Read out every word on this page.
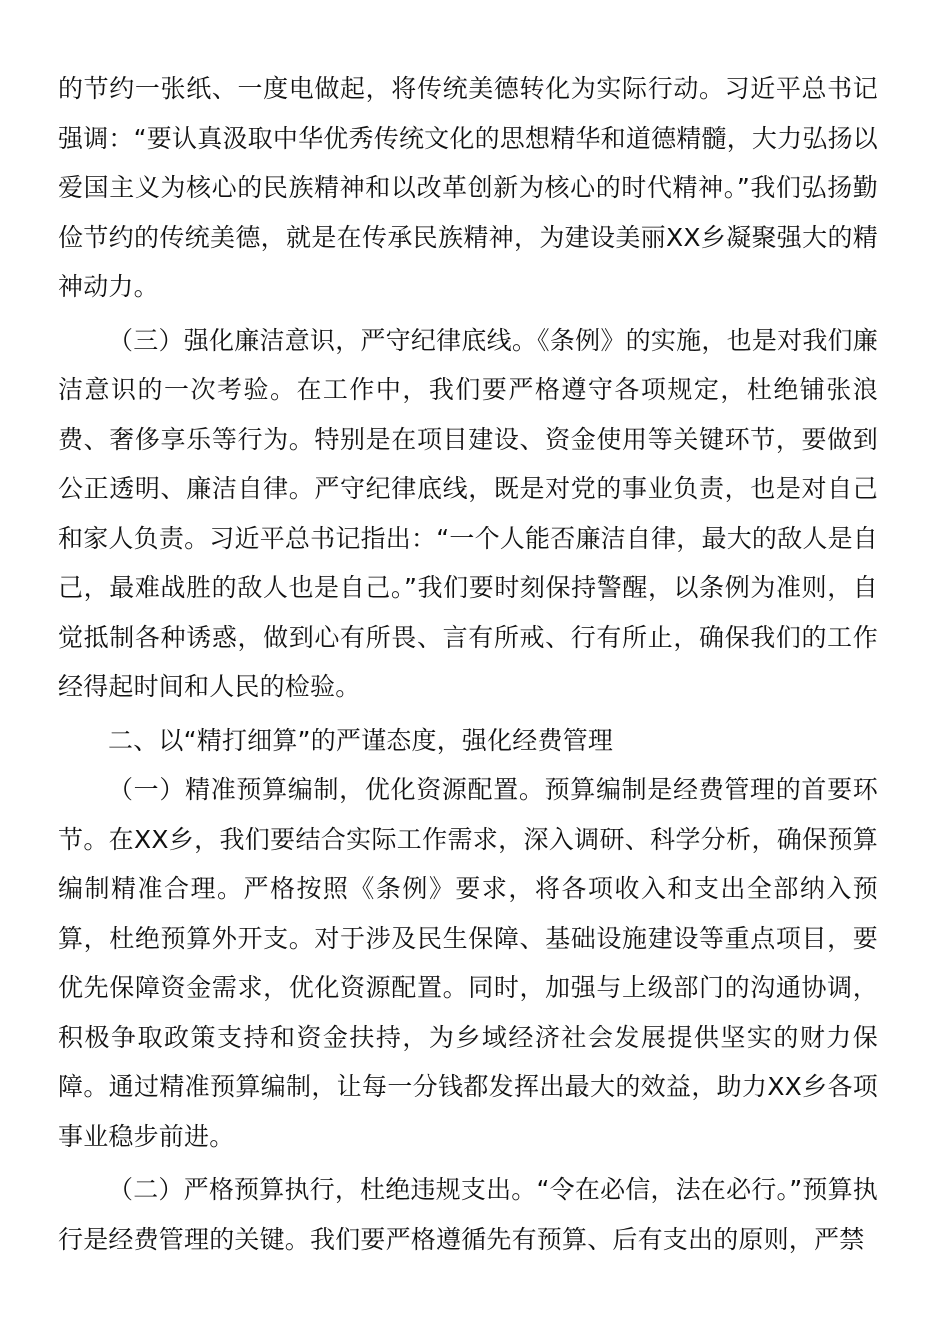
的节约一张纸、一度电做起，将传统美德转化为实际行动。习近平总书记强调：“要认真汲取中华优秀传统文化的思想精华和道德精髓，大力弘扬以爱国主义为核心的民族精神和以改革创新为核心的时代精神。”我们弘扬勤俭节约的传统美德，就是在传承民族精神，为建设美丽XX乡凝聚强大的精神动力。

（三）强化廉洁意识，严守纪律底线。《条例》的实施，也是对我们廉洁意识的一次考验。在工作中，我们要严格遵守各项规定，杜绝铺张浪费、奢侈享乐等行为。特别是在项目建设、资金使用等关键环节，要做到公正透明、廉洁自律。严守纪律底线，既是对党的事业负责，也是对自己和家人负责。习近平总书记指出：“一个人能否廉洁自律，最大的敌人是自己，最难战胜的敌人也是自己。”我们要时刻保持警醒，以条例为准则，自觉抵制各种诱惑，做到心有所畏、言有所戒、行有所止，确保我们的工作经得起时间和人民的检验。

二、以“精打细算”的严谨态度，强化经费管理

（一）精准预算编制，优化资源配置。预算编制是经费管理的首要环节。在XX乡，我们要结合实际工作需求，深入调研、科学分析，确保预算编制精准合理。严格按照《条例》要求，将各项收入和支出全部纳入预算，杜绝预算外开支。对于涉及民生保障、基础设施建设等重点项目，要优先保障资金需求，优化资源配置。同时，加强与上级部门的沟通协调，积极争取政策支持和资金扶持，为乡域经济社会发展提供坚实的财力保障。通过精准预算编制，让每一分钱都发挥出最大的效益，助力XX乡各项事业稳步前进。

（二）严格预算执行，杜绝违规支出。“令在必信，法在必行。”预算执行是经费管理的关键。我们要严格遵循先有预算、后有支出的原则，严禁
